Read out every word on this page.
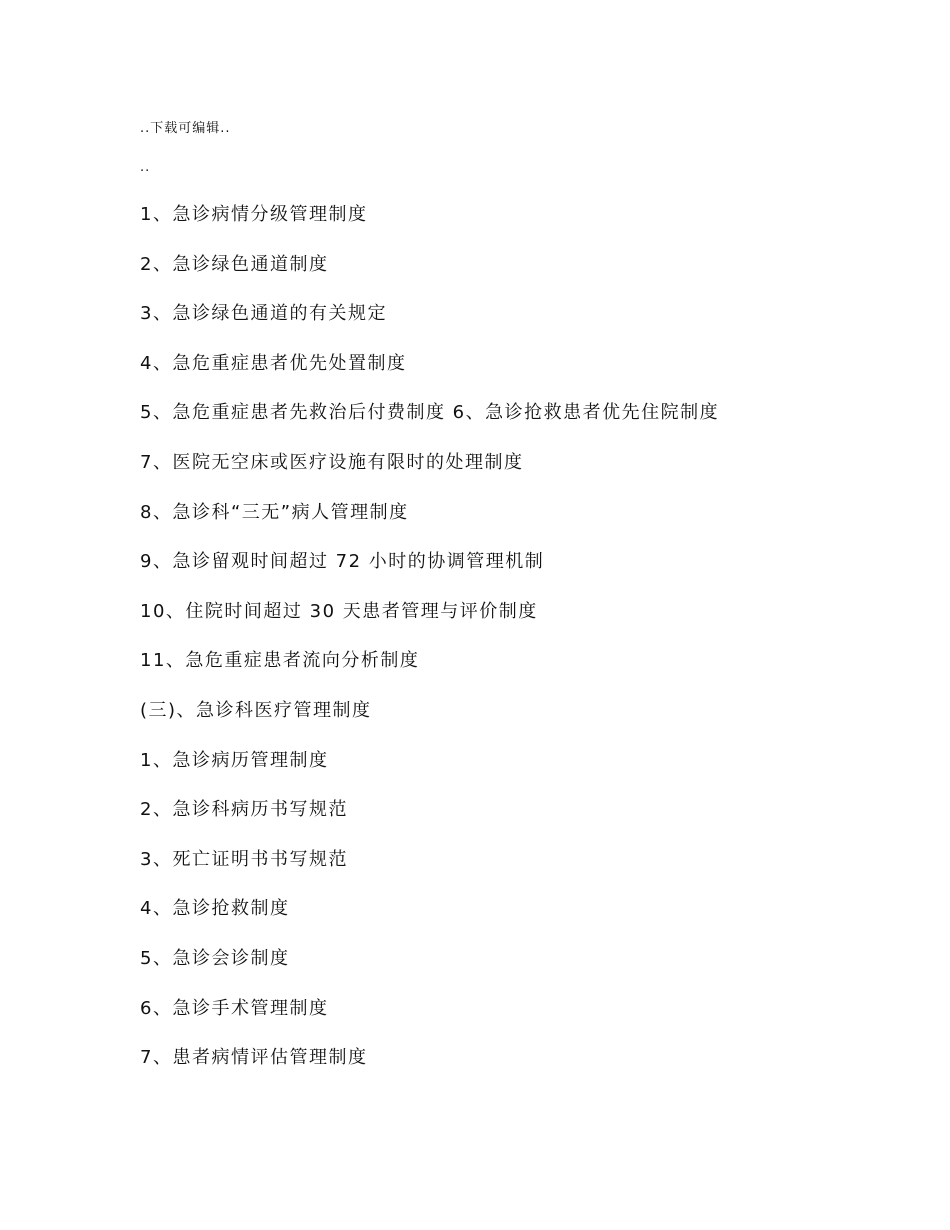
..下载可编辑..
..
1、急诊病情分级管理制度
2、急诊绿色通道制度
3、急诊绿色通道的有关规定
4、急危重症患者优先处置制度
5、急危重症患者先救治后付费制度 6、急诊抢救患者优先住院制度
7、医院无空床或医疗设施有限时的处理制度
8、急诊科“三无”病人管理制度
9、急诊留观时间超过 72 小时的协调管理机制
10、住院时间超过 30 天患者管理与评价制度
11、急危重症患者流向分析制度
(三)、急诊科医疗管理制度
1、急诊病历管理制度
2、急诊科病历书写规范
3、死亡证明书书写规范
4、急诊抢救制度
5、急诊会诊制度
6、急诊手术管理制度
7、患者病情评估管理制度
